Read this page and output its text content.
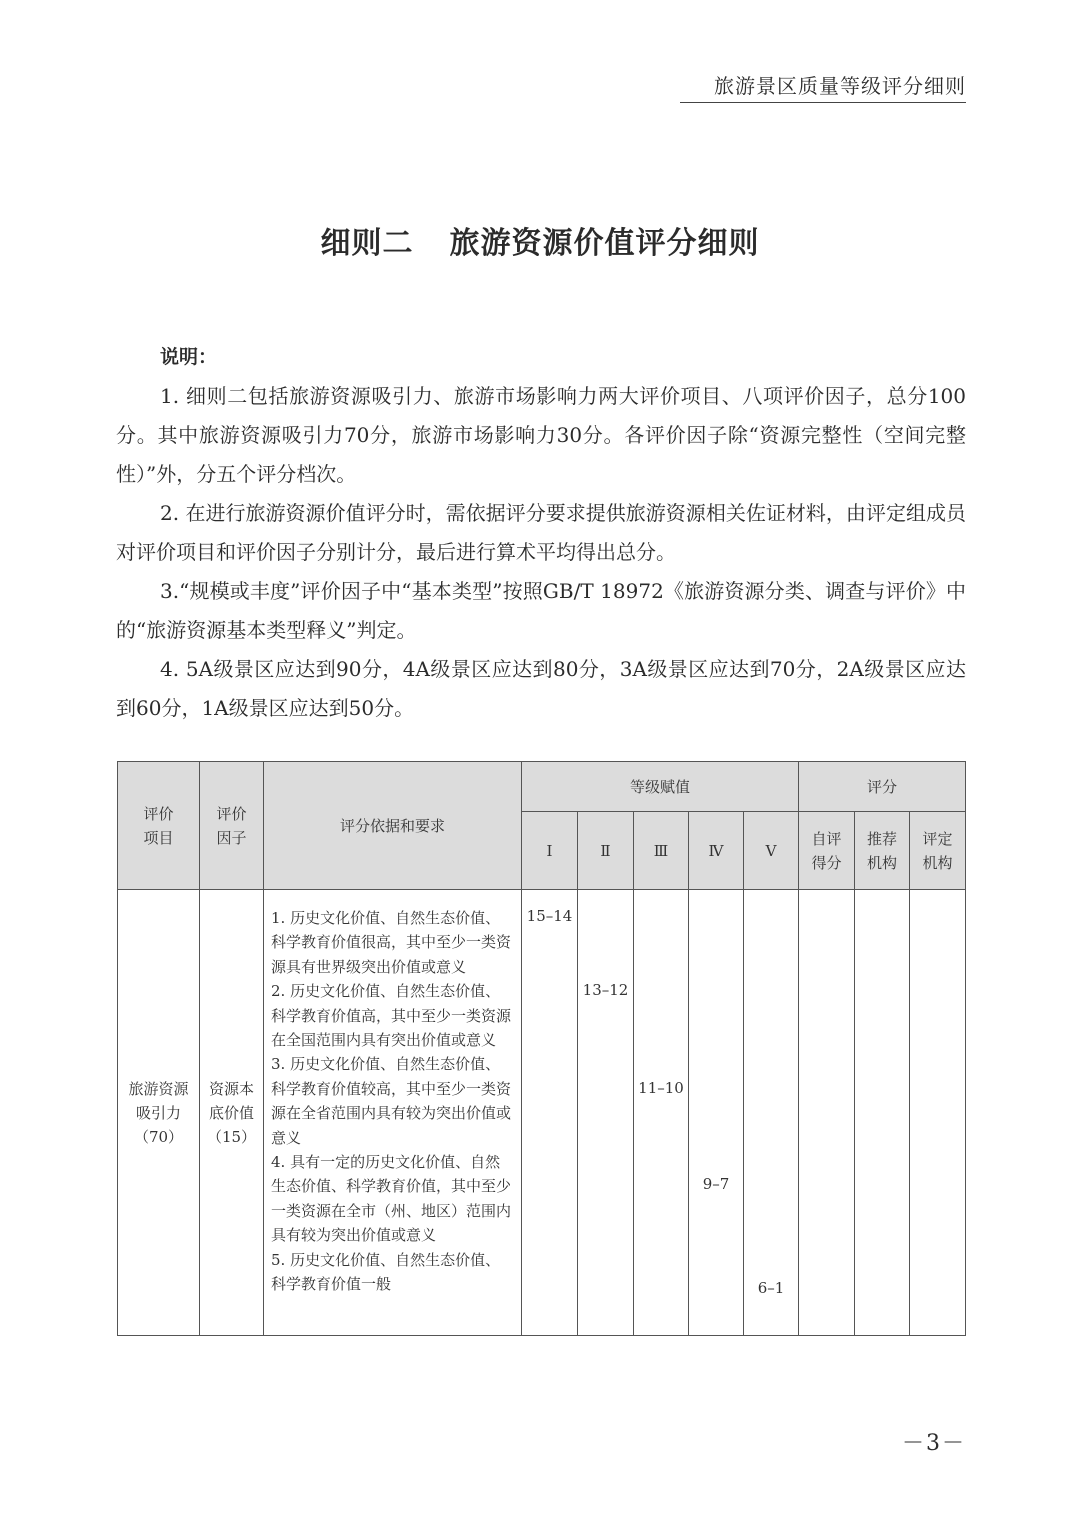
旅游景区质量等级评分细则
细则二 旅游资源价值评分细则
说明：

1. 细则二包括旅游资源吸引力、旅游市场影响力两大评价项目、八项评价因子，总分100分。其中旅游资源吸引力70分，旅游市场影响力30分。各评价因子除“资源完整性（空间完整性）”外，分五个评分档次。

2. 在进行旅游资源价值评分时，需依据评分要求提供旅游资源相关佐证材料，由评定组成员对评价项目和评价因子分别计分，最后进行算术平均得出总分。

3.“规模或丰度”评价因子中“基本类型”按照GB/T 18972《旅游资源分类、调查与评价》中的“旅游资源基本类型释义”判定。

4. 5A级景区应达到90分，4A级景区应达到80分，3A级景区应达到70分，2A级景区应达到60分，1A级景区应达到50分。

评价项目	评价因子	评分依据和要求	等级赋值					评分		
			Ⅰ	Ⅱ	Ⅲ	Ⅳ	Ⅴ	自评得分	推荐机构	评定机构

旅游资源吸引力（70）	资源本底价值（15）	1. 历史文化价值、自然生态价值、科学教育价值很高，其中至少一类资源具有世界级突出价值或意义
2. 历史文化价值、自然生态价值、科学教育价值高，其中至少一类资源在全国范围内具有突出价值或意义
3. 历史文化价值、自然生态价值、科学教育价值较高，其中至少一类资源在全省范围内具有较为突出价值或意义
4. 具有一定的历史文化价值、自然生态价值、科学教育价值，其中至少一类资源在全市（州、地区）范围内具有较为突出价值或意义
5. 历史文化价值、自然生态价值、科学教育价值一般	15–14	13–12	11–10	9–7	6–1			

－3－
